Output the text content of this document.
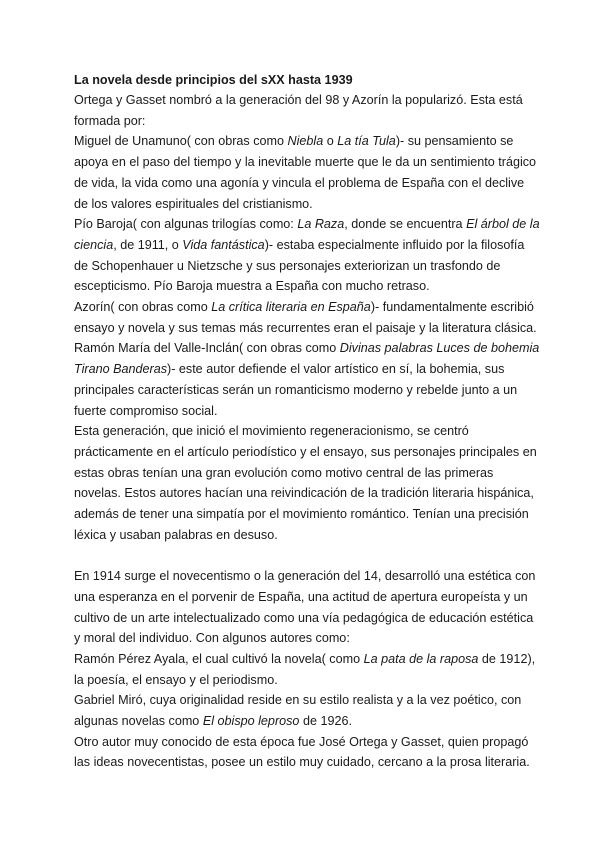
La novela desde principios del sXX hasta 1939

Ortega y Gasset nombró a la generación del 98 y Azorín la popularizó. Esta está formada por:

Miguel de Unamuno( con obras como Niebla o La tía Tula)- su pensamiento se apoya en el paso del tiempo y la inevitable muerte que le da un sentimiento trágico de vida, la vida como una agonía y vincula el problema de España con el declive de los valores espirituales del cristianismo.

Pío Baroja( con algunas trilogías como: La Raza, donde se encuentra El árbol de la ciencia, de 1911, o Vida fantástica)- estaba especialmente influido por la filosofía de Schopenhauer u Nietzsche y sus personajes exteriorizan un trasfondo de escepticismo. Pío Baroja muestra a España con mucho retraso.

Azorín( con obras como La crítica literaria en España)- fundamentalmente escribió ensayo y novela y sus temas más recurrentes eran el paisaje y la literatura clásica.

Ramón María del Valle-Inclán( con obras como Divinas palabras Luces de bohemia Tirano Banderas)- este autor defiende el valor artístico en sí, la bohemia, sus principales características serán un romanticismo moderno y rebelde junto a un fuerte compromiso social.

Esta generación, que inició el movimiento regeneracionismo, se centró prácticamente en el artículo periodístico y el ensayo, sus personajes principales en estas obras tenían una gran evolución como motivo central de las primeras novelas. Estos autores hacían una reivindicación de la tradición literaria hispánica, además de tener una simpatía por el movimiento romántico. Tenían una precisión léxica y usaban palabras en desuso.

En 1914 surge el novecentismo o la generación del 14, desarrolló una estética con una esperanza en el porvenir de España, una actitud de apertura europeísta y un cultivo de un arte intelectualizado como una vía pedagógica de educación estética y moral del individuo. Con algunos autores como:

Ramón Pérez Ayala, el cual cultivó la novela( como La pata de la raposa de 1912), la poesía, el ensayo y el periodismo.

Gabriel Miró, cuya originalidad reside en su estilo realista y a la vez poético, con algunas novelas como El obispo leproso de 1926.

Otro autor muy conocido de esta época fue José Ortega y Gasset, quien propagó las ideas novecentistas, posee un estilo muy cuidado, cercano a la prosa literaria.
